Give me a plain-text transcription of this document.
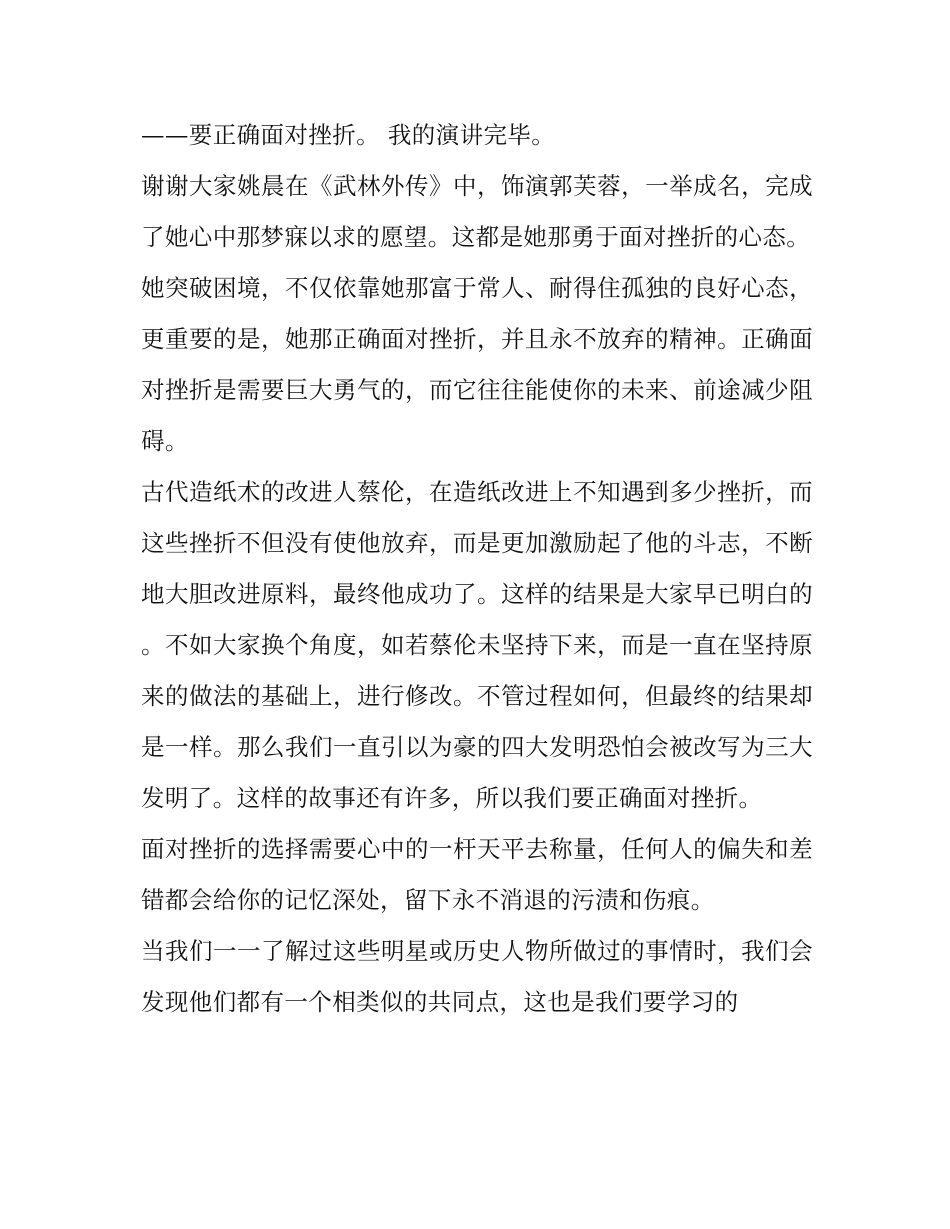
——要正确面对挫折。 我的演讲完毕。

谢谢大家姚晨在《武林外传》中，饰演郭芙蓉，一举成名，完成了她心中那梦寐以求的愿望。这都是她那勇于面对挫折的心态。

她突破困境，不仅依靠她那富于常人、耐得住孤独的良好心态，更重要的是，她那正确面对挫折，并且永不放弃的精神。正确面对挫折是需要巨大勇气的，而它往往能使你的未来、前途减少阻碍。

古代造纸术的改进人蔡伦，在造纸改进上不知遇到多少挫折，而这些挫折不但没有使他放弃，而是更加激励起了他的斗志，不断地大胆改进原料，最终他成功了。这样的结果是大家早已明白的。不如大家换个角度，如若蔡伦未坚持下来，而是一直在坚持原来的做法的基础上，进行修改。不管过程如何，但最终的结果却是一样。那么我们一直引以为豪的四大发明恐怕会被改写为三大发明了。这样的故事还有许多，所以我们要正确面对挫折。

面对挫折的选择需要心中的一杆天平去称量，任何人的偏失和差错都会给你的记忆深处，留下永不消退的污渍和伤痕。

当我们一一了解过这些明星或历史人物所做过的事情时，我们会发现他们都有一个相类似的共同点，这也是我们要学习的
